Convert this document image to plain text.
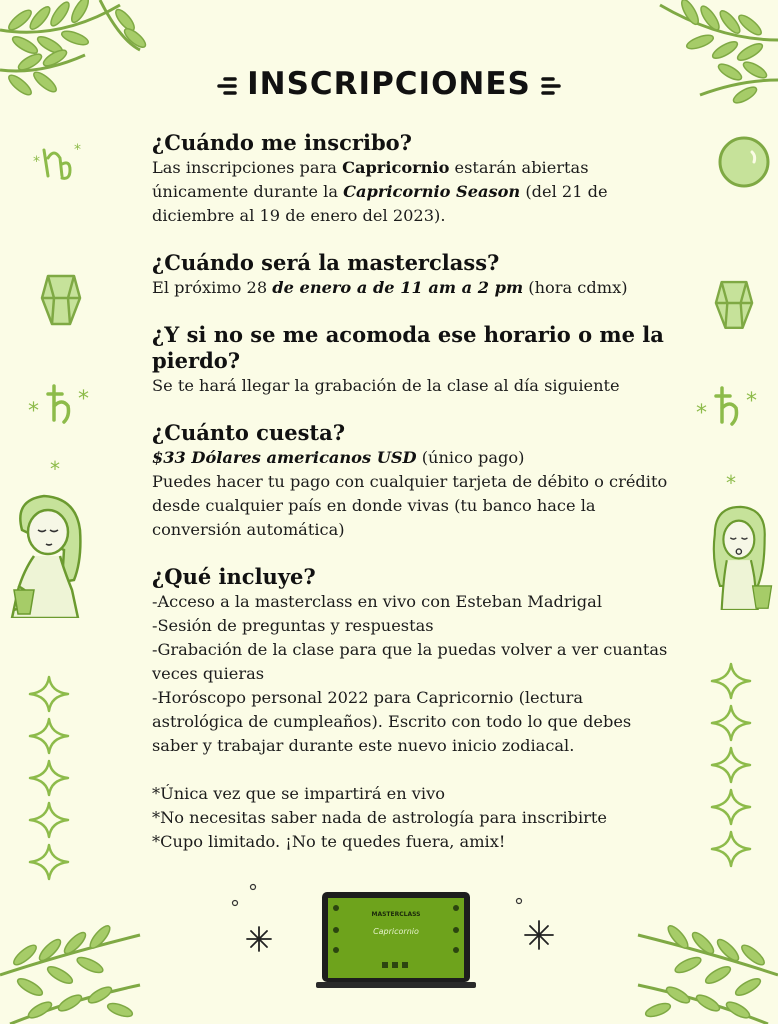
*
*
* *
*
* *
*
INSCRIPCIONES
¿Cuándo me inscribo?
Las inscripciones para Capricornio estarán abiertas únicamente durante la Capricornio Season (del 21 de diciembre al 19 de enero del 2023).
¿Cuándo será la masterclass?
El próximo 28 de enero a de 11 am a 2 pm (hora cdmx)
¿Y si no se me acomoda ese horario o me la pierdo?
Se te hará llegar la grabación de la clase al día siguiente
¿Cuánto cuesta?
$33 Dólares americanos USD (único pago)
Puedes hacer tu pago con cualquier tarjeta de débito o crédito desde cualquier país en donde vivas (tu banco hace la conversión automática)
¿Qué incluye?
-Acceso a la masterclass en vivo con Esteban Madrigal
-Sesión de preguntas y respuestas
-Grabación de la clase para que la puedas volver a ver cuantas veces quieras
-Horóscopo personal 2022 para Capricornio (lectura astrológica de cumpleaños). Escrito con todo lo que debes saber y trabajar durante este nuevo inicio zodiacal.
*Única vez que se impartirá en vivo
*No necesitas saber nada de astrología para inscribirte
*Cupo limitado. ¡No te quedes fuera, amix!
MASTERCLASS
Capricornio
